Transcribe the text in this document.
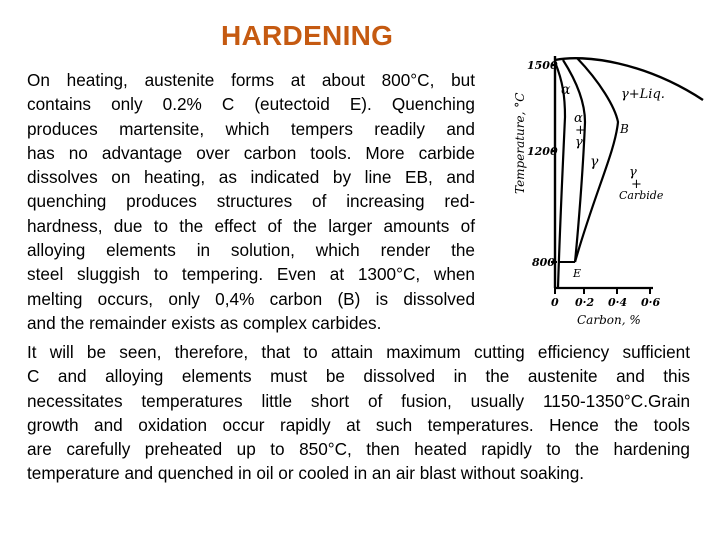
HARDENING
On heating, austenite forms at about 800°C, but
contains only 0.2% C (eutectoid E). Quenching
produces martensite, which tempers readily and
has no advantage over carbon tools. More carbide
dissolves on heating, as indicated by line EB, and
quenching produces structures of increasing red-
hardness, due to the effect of the larger amounts of
alloying elements in solution, which render the
steel sluggish to tempering. Even at 1300°C, when
melting occurs, only 0,4% carbon (B) is dissolved
and the remainder exists as complex carbides.
It will be seen, therefore, that to attain maximum cutting efficiency sufficient
C and alloying elements must be dissolved in the austenite and this
necessitates temperatures little short of fusion, usually 1150-1350°C.Grain
growth and oxidation occur rapidly at such temperatures. Hence the tools
are carefully preheated up to 850°C, then heated rapidly to the hardening
temperature and quenched in oil or cooled in an air blast without soaking.
1500
1200
800
Temperature, °C
0 0·2 0·4 0·6
Carbon, %
α	γ+Liq.
α
+
γ
γ
γ
+
Carbide
B
E
